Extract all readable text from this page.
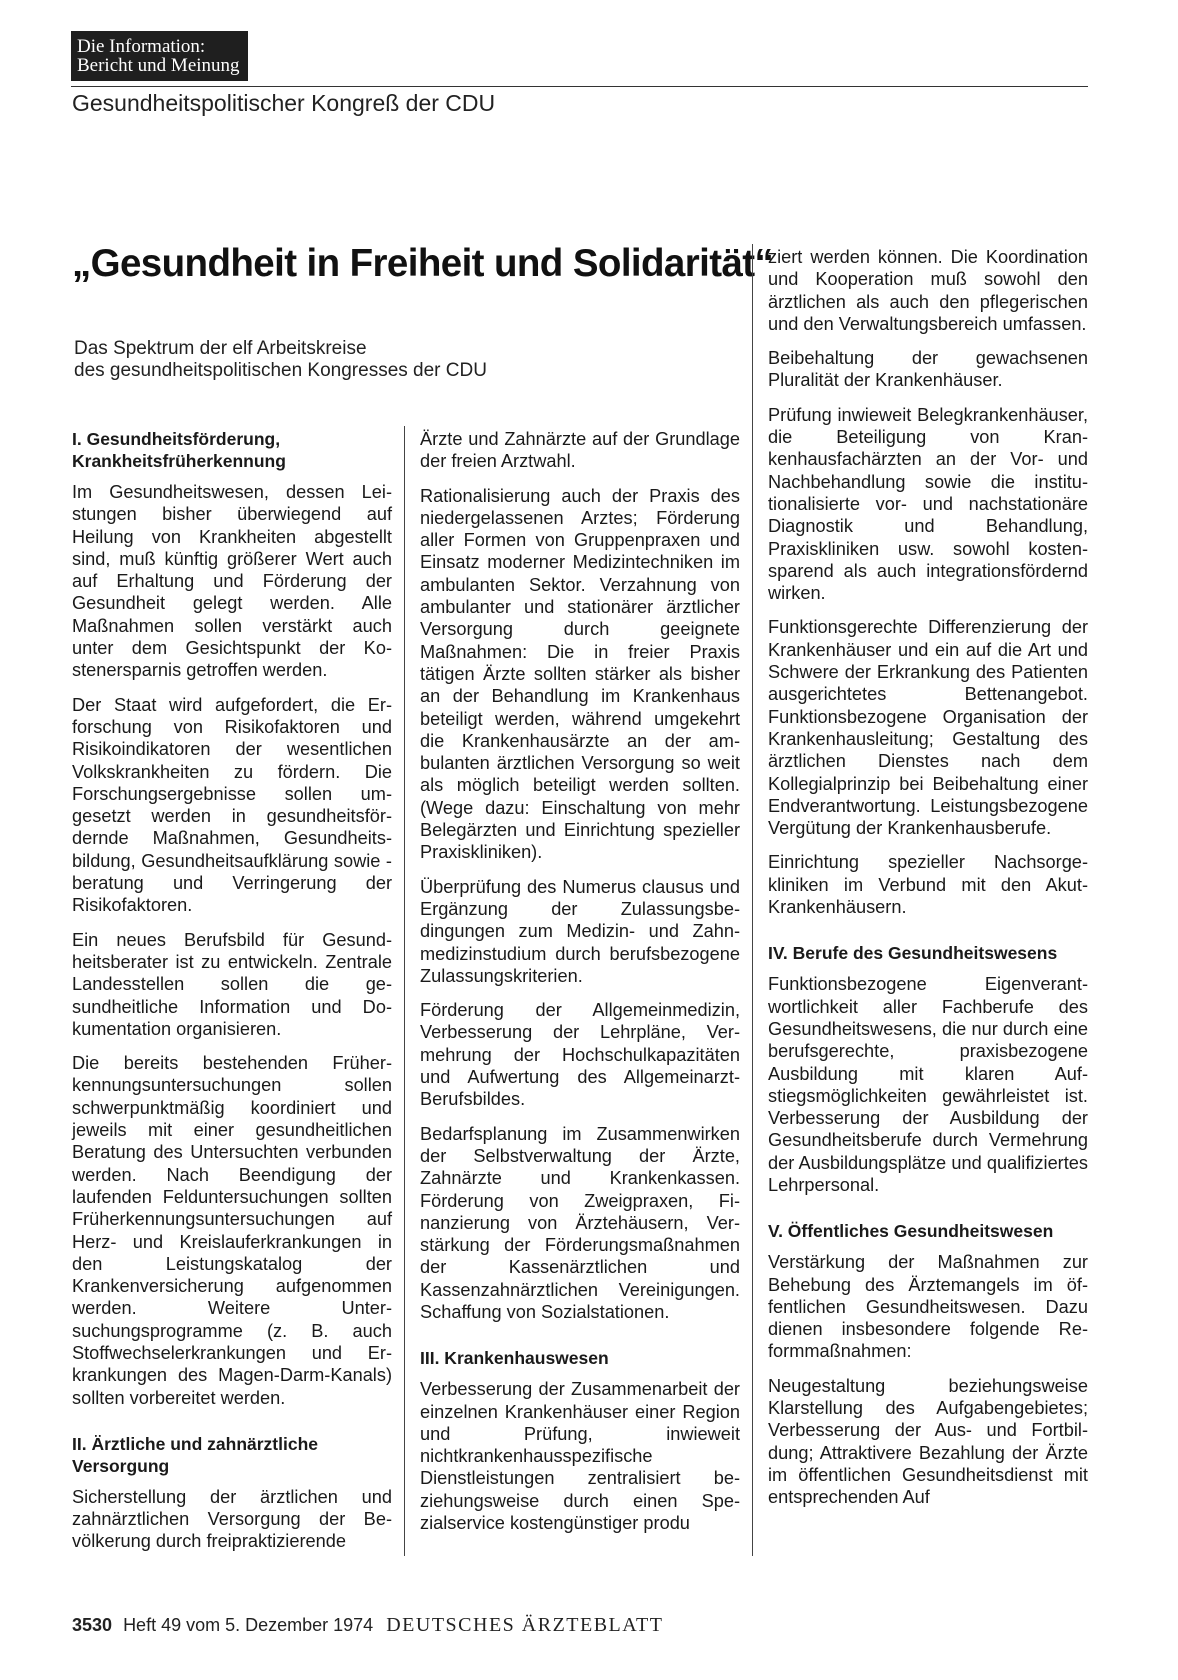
Die Information:
Bericht und Meinung
Gesundheitspolitischer Kongreß der CDU
„Gesundheit in Freiheit und Solidarität“
Das Spektrum der elf Arbeitskreise
des gesundheitspolitischen Kongresses der CDU
I. Gesundheitsförderung, Krankheitsfrüherkennung

Im Gesundheitswesen, dessen Leistungen bisher überwiegend auf Heilung von Krankheiten abgestellt sind, muß künftig größerer Wert auch auf Erhaltung und Förderung der Gesundheit gelegt werden. Alle Maßnahmen sollen verstärkt auch unter dem Gesichtspunkt der Kostenersparnis getroffen werden.

Der Staat wird aufgefordert, die Erforschung von Risikofaktoren und Risikoindikatoren der wesentlichen Volkskrankheiten zu fördern. Die Forschungsergebnisse sollen umgesetzt werden in gesundheitsfördernde Maßnahmen, Gesundheitsbildung, Gesundheitsaufklärung sowie -beratung und Verringerung der Risikofaktoren.

Ein neues Berufsbild für Gesundheitsberater ist zu entwickeln. Zentrale Landesstellen sollen die gesundheitliche Information und Dokumentation organisieren.

Die bereits bestehenden Früherkennungsuntersuchungen sollen schwerpunktmäßig koordiniert und jeweils mit einer gesundheitlichen Beratung des Untersuchten verbunden werden. Nach Beendigung der laufenden Felduntersuchungen sollten Früherkennungsuntersuchungen auf Herz- und Kreislauferkrankungen in den Leistungskatalog der Krankenversicherung aufgenommen werden. Weitere Untersuchungsprogramme (z. B. auch Stoffwechselerkrankungen und Erkrankungen des Magen-Darm-Kanals) sollten vorbereitet werden.

II. Ärztliche und zahnärztliche Versorgung

Sicherstellung der ärztlichen und zahnärztlichen Versorgung der Bevölkerung durch freipraktizierende

Ärzte und Zahnärzte auf der Grundlage der freien Arztwahl.

Rationalisierung auch der Praxis des niedergelassenen Arztes; Förderung aller Formen von Gruppenpraxen und Einsatz moderner Medizintechniken im ambulanten Sektor. Verzahnung von ambulanter und stationärer ärztlicher Versorgung durch geeignete Maßnahmen: Die in freier Praxis tätigen Ärzte sollten stärker als bisher an der Behandlung im Krankenhaus beteiligt werden, während umgekehrt die Krankenhausärzte an der ambulanten ärztlichen Versorgung so weit als möglich beteiligt werden sollten. (Wege dazu: Einschaltung von mehr Belegärzten und Einrichtung spezieller Praxiskliniken).

Überprüfung des Numerus clausus und Ergänzung der Zulassungsbedingungen zum Medizin- und Zahnmedizinstudium durch berufsbezogene Zulassungskriterien.

Förderung der Allgemeinmedizin, Verbesserung der Lehrpläne, Vermehrung der Hochschulkapazitäten und Aufwertung des Allgemeinarzt-Berufsbildes.

Bedarfsplanung im Zusammenwirken der Selbstverwaltung der Ärzte, Zahnärzte und Krankenkassen. Förderung von Zweigpraxen, Finanzierung von Ärztehäusern, Verstärkung der Förderungsmaßnahmen der Kassenärztlichen und Kassenzahnärztlichen Vereinigungen. Schaffung von Sozialstationen.

III. Krankenhauswesen

Verbesserung der Zusammenarbeit der einzelnen Krankenhäuser einer Region und Prüfung, inwieweit nichtkrankenhausspezifische Dienstleistungen zentralisiert beziehungsweise durch einen Spezialservice kostengünstiger produ

ziert werden können. Die Koordination und Kooperation muß sowohl den ärztlichen als auch den pflegerischen und den Verwaltungsbereich umfassen.

Beibehaltung der gewachsenen Pluralität der Krankenhäuser.

Prüfung inwieweit Belegkrankenhäuser, die Beteiligung von Krankenhausfachärzten an der Vor- und Nachbehandlung sowie die institutionalisierte vor- und nachstationäre Diagnostik und Behandlung, Praxiskliniken usw. sowohl kostensparend als auch integrationsfördernd wirken.

Funktionsgerechte Differenzierung der Krankenhäuser und ein auf die Art und Schwere der Erkrankung des Patienten ausgerichtetes Bettenangebot. Funktionsbezogene Organisation der Krankenhausleitung; Gestaltung des ärztlichen Dienstes nach dem Kollegialprinzip bei Beibehaltung einer Endverantwortung. Leistungsbezogene Vergütung der Krankenhausberufe.

Einrichtung spezieller Nachsorgekliniken im Verbund mit den Akut-Krankenhäusern.

IV. Berufe des Gesundheitswesens

Funktionsbezogene Eigenverantwortlichkeit aller Fachberufe des Gesundheitswesens, die nur durch eine berufsgerechte, praxisbezogene Ausbildung mit klaren Aufstiegsmöglichkeiten gewährleistet ist. Verbesserung der Ausbildung der Gesundheitsberufe durch Vermehrung der Ausbildungsplätze und qualifiziertes Lehrpersonal.

V. Öffentliches Gesundheitswesen

Verstärkung der Maßnahmen zur Behebung des Ärztemangels im öffentlichen Gesundheitswesen. Dazu dienen insbesondere folgende Reformmaßnahmen:

Neugestaltung beziehungsweise Klarstellung des Aufgabengebietes; Verbesserung der Aus- und Fortbildung; Attraktivere Bezahlung der Ärzte im öffentlichen Gesundheitsdienst mit entsprechenden Auf

3530 Heft 49 vom 5. Dezember 1974 DEUTSCHES ÄRZTEBLATT
